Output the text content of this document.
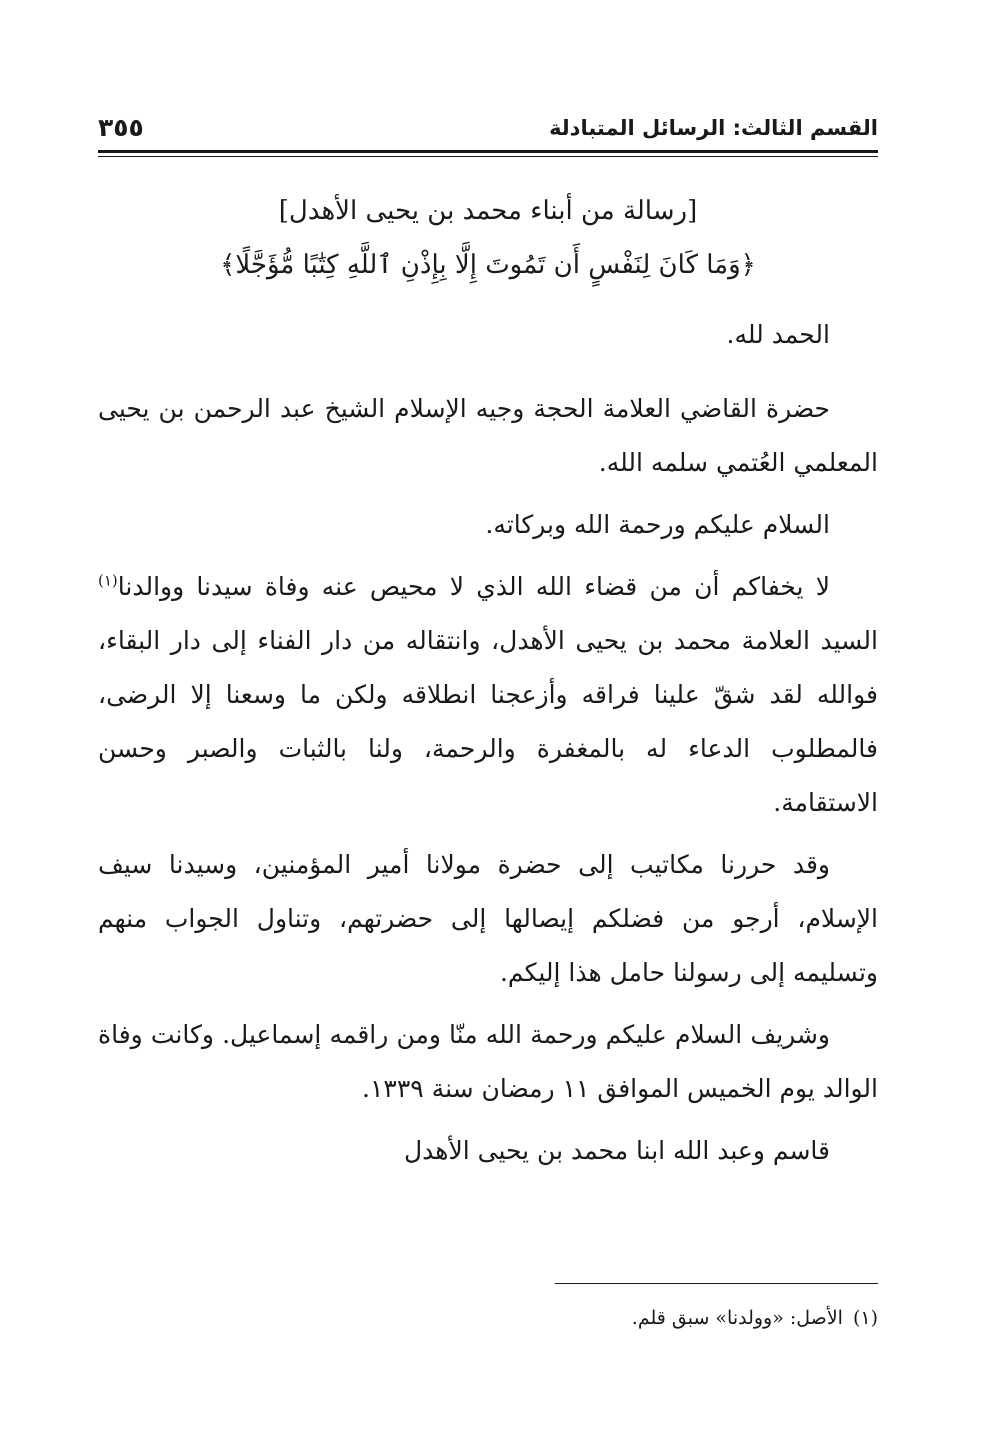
القسم الثالث: الرسائل المتبادلة
٣٥٥
[رسالة من أبناء محمد بن يحيى الأهدل]
﴿وَمَا كَانَ لِنَفْسٍ أَن تَمُوتَ إِلَّا بِإِذْنِ ٱللَّهِ كِتَٰبًا مُّؤَجَّلًا﴾

الحمد لله.

حضرة القاضي العلامة الحجة وجيه الإسلام الشيخ عبد الرحمن بن يحيى المعلمي العُتمي سلمه الله.

السلام عليكم ورحمة الله وبركاته.

لا يخفاكم أن من قضاء الله الذي لا محيص عنه وفاة سيدنا ووالدنا$^{(١)}$ السيد العلامة محمد بن يحيى الأهدل، وانتقاله من دار الفناء إلى دار البقاء، فوالله لقد شقّ علينا فراقه وأزعجنا انطلاقه ولكن ما وسعنا إلا الرضى، فالمطلوب الدعاء له بالمغفرة والرحمة، ولنا بالثبات والصبر وحسن الاستقامة.

وقد حررنا مكاتيب إلى حضرة مولانا أمير المؤمنين، وسيدنا سيف الإسلام، أرجو من فضلكم إيصالها إلى حضرتهم، وتناول الجواب منهم وتسليمه إلى رسولنا حامل هذا إليكم.

وشريف السلام عليكم ورحمة الله منّا ومن راقمه إسماعيل. وكانت وفاة الوالد يوم الخميس الموافق ١١ رمضان سنة ١٣٣٩.

قاسم وعبد الله ابنا محمد بن يحيى الأهدل
(١)الأصل: «وولدنا» سبق قلم.
